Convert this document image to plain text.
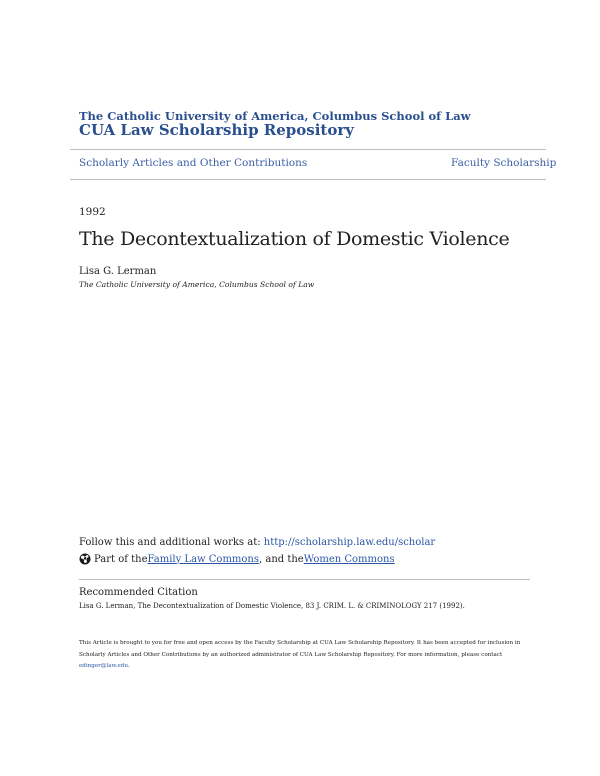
The Catholic University of America, Columbus School of Law
CUA Law Scholarship Repository
Scholarly Articles and Other Contributions	Faculty Scholarship
1992
The Decontextualization of Domestic Violence
Lisa G. Lerman
The Catholic University of America, Columbus School of Law
Follow this and additional works at: http://scholarship.law.edu/scholar
Part of the Family Law Commons , and the Women Commons
Recommended Citation
Lisa G. Lerman, The Decontextualization of Domestic Violence, 83 J. CRIM. L. & CRIMINOLOGY 217 (1992).
This Article is brought to you for free and open access by the Faculty Scholarship at CUA Law Scholarship Repository. It has been accepted for inclusion in Scholarly Articles and Other Contributions by an authorized administrator of CUA Law Scholarship Repository. For more information, please contact edinger@law.edu.
